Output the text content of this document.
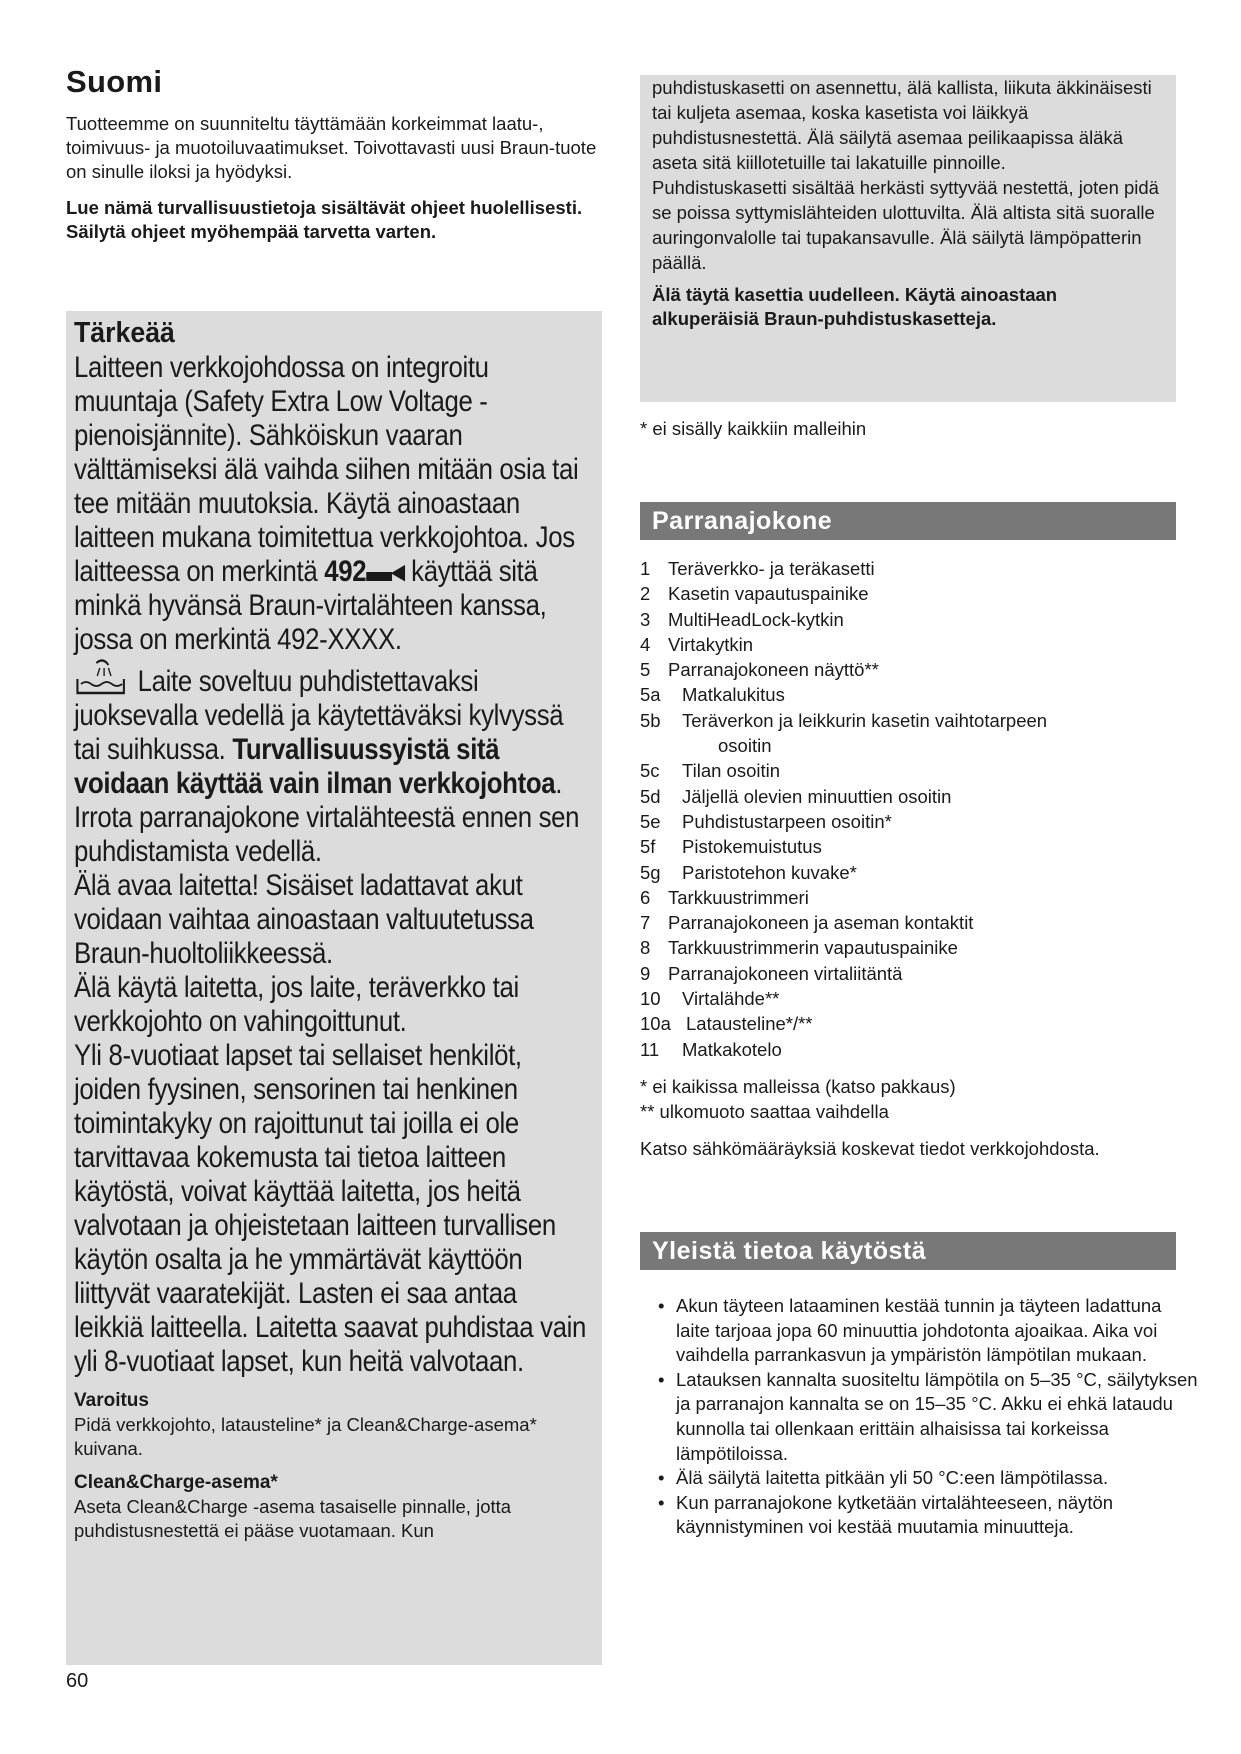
Suomi

Tuotteemme on suunniteltu täyttämään korkeimmat laatu-, toimivuus- ja muotoiluvaatimukset. Toivottavasti uusi Braun-tuote on sinulle iloksi ja hyödyksi.

Lue nämä turvallisuustietoja sisältävät ohjeet huolellisesti. Säilytä ohjeet myöhempää tarvetta varten.

Tärkeää

Laitteen verkkojohdossa on integroitu muuntaja (Safety Extra Low Voltage -pienoisjännite). Sähköiskun vaaran välttämiseksi älä vaihda siihen mitään osia tai tee mitään muutoksia. Käytä ainoastaan laitteen mukana toimitettua verkkojohtoa. Jos laitteessa on merkintä 492▬◂ käyttää sitä minkä hyvänsä Braun-virtalähteen kanssa, jossa on merkintä 492-XXXX.

Laite soveltuu puhdistettavaksi juoksevalla vedellä ja käytettäväksi kylvyssä tai suihkussa. Turvallisuussyistä sitä voidaan käyttää vain ilman verkkojohtoa. Irrota parranajokone virtalähteestä ennen sen puhdistamista vedellä.

Älä avaa laitetta! Sisäiset ladattavat akut voidaan vaihtaa ainoastaan valtuutetussa Braun-huoltoliikkeessä.

Älä käytä laitetta, jos laite, teräverkko tai verkkojohto on vahingoittunut.

Yli 8-vuotiaat lapset tai sellaiset henkilöt, joiden fyysinen, sensorinen tai henkinen toimintakyky on rajoittunut tai joilla ei ole tarvittavaa kokemusta tai tietoa laitteen käytöstä, voivat käyttää laitetta, jos heitä valvotaan ja ohjeistetaan laitteen turvallisen käytön osalta ja he ymmärtävät käyttöön liittyvät vaaratekijät. Lasten ei saa antaa leikkiä laitteella. Laitetta saavat puhdistaa vain yli 8-vuotiaat lapset, kun heitä valvotaan.

Varoitus

Pidä verkkojohto, latausteline* ja Clean&Charge-asema* kuivana.

Clean&Charge-asema*

Aseta Clean&Charge -asema tasaiselle pinnalle, jotta puhdistusnestettä ei pääse vuotamaan. Kun

60

puhdistuskasetti on asennettu, älä kallista, liikuta äkkinäisesti tai kuljeta asemaa, koska kasetista voi läikkyä puhdistusnestettä. Älä säilytä asemaa peilikaapissa äläkä aseta sitä kiillotetuille tai lakatuille pinnoille.

Puhdistuskasetti sisältää herkästi syttyvää nestettä, joten pidä se poissa syttymislähteiden ulottuvilta. Älä altista sitä suoralle auringonvalolle tai tupakansavulle. Älä säilytä lämpöpatterin päällä.

Älä täytä kasettia uudelleen. Käytä ainoastaan alkuperäisiä Braun-puhdistuskasetteja.

* ei sisälly kaikkiin malleihin
Parranajokone
1 Teräverkko- ja teräkasetti
2 Kasetin vapautuspainike
3 MultiHeadLock-kytkin
4 Virtakytkin
5 Parranajokoneen näyttö**
5a	Matkalukitus
5b	Teräverkon ja leikkurin kasetin vaihtotarpeen
osoitin
5c	Tilan osoitin
5d	Jäljellä olevien minuuttien osoitin
5e	Puhdistustarpeen osoitin*
5f	Pistokemuistutus
5g	Paristotehon kuvake*
6 Tarkkuustrimmeri
7 Parranajokoneen ja aseman kontaktit
8 Tarkkuustrimmerin vapautuspainike
9 Parranajokoneen virtaliitäntä
10	Virtalähde**
10a Latausteline*/**
11	Matkakotelo

* ei kaikissa malleissa (katso pakkaus)

** ulkomuoto saattaa vaihdella

Katso sähkömääräyksiä koskevat tiedot verkkojohdosta.

Yleistä tietoa käytöstä
• Akun täyteen lataaminen kestää tunnin ja täyteen ladattuna laite tarjoaa jopa 60 minuuttia johdotonta ajoaikaa. Aika voi vaihdella parrankasvun ja ympäristön lämpötilan mukaan.
• Latauksen kannalta suositeltu lämpötila on 5–35 °C, säilytyksen ja parranajon kannalta se on 15–35 °C. Akku ei ehkä lataudu kunnolla tai ollenkaan erittäin alhaisissa tai korkeissa lämpötiloissa.
• Älä säilytä laitetta pitkään yli 50 °C:een lämpötilassa.
• Kun parranajokone kytketään virtalähteeseen, näytön käynnistyminen voi kestää muutamia minuutteja.
